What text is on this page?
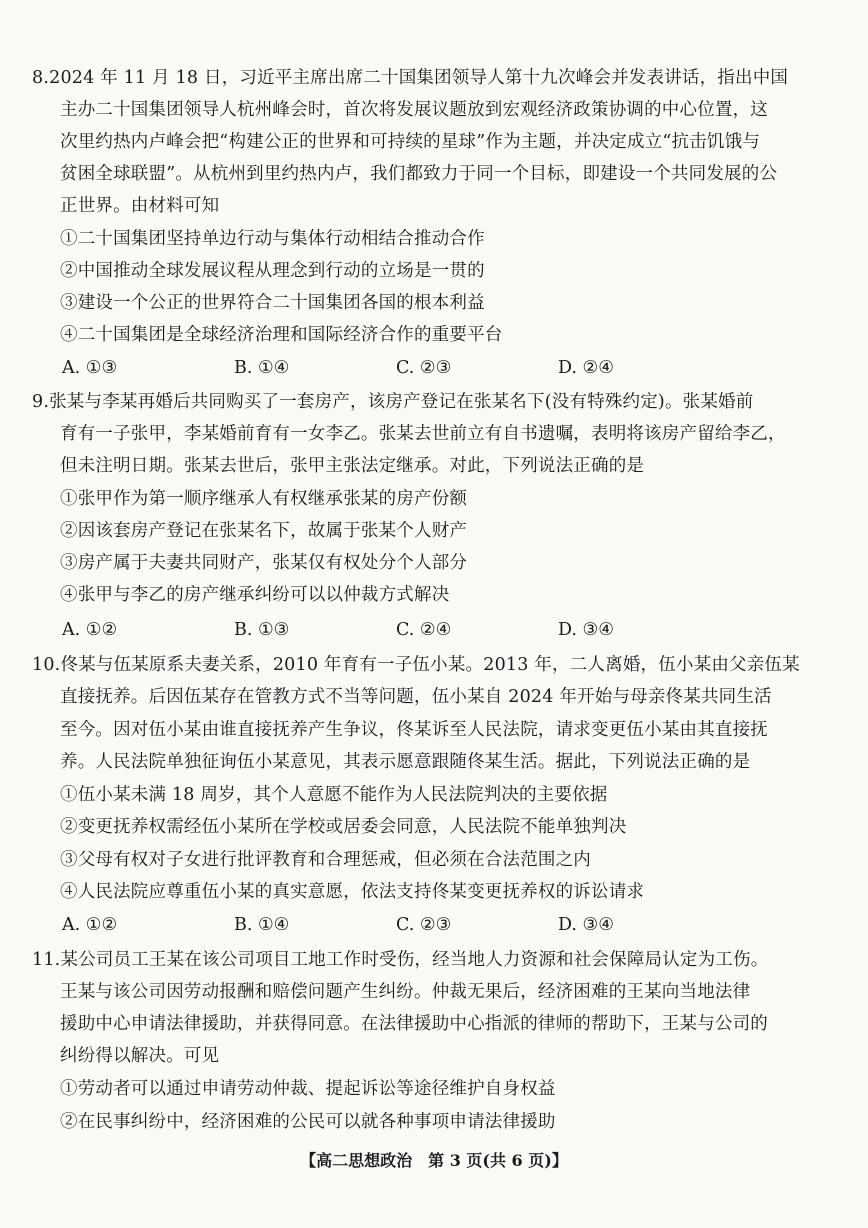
8.2024 年 11 月 18 日，习近平主席出席二十国集团领导人第十九次峰会并发表讲话，指出中国
主办二十国集团领导人杭州峰会时，首次将发展议题放到宏观经济政策协调的中心位置，这
次里约热内卢峰会把“构建公正的世界和可持续的星球”作为主题，并决定成立“抗击饥饿与
贫困全球联盟”。从杭州到里约热内卢，我们都致力于同一个目标，即建设一个共同发展的公
正世界。由材料可知
①二十国集团坚持单边行动与集体行动相结合推动合作
②中国推动全球发展议程从理念到行动的立场是一贯的
③建设一个公正的世界符合二十国集团各国的根本利益
④二十国集团是全球经济治理和国际经济合作的重要平台
A. ①③	B. ①④	C. ②③	D. ②④
9.张某与李某再婚后共同购买了一套房产，该房产登记在张某名下(没有特殊约定)。张某婚前
育有一子张甲，李某婚前育有一女李乙。张某去世前立有自书遗嘱，表明将该房产留给李乙，
但未注明日期。张某去世后，张甲主张法定继承。对此，下列说法正确的是
①张甲作为第一顺序继承人有权继承张某的房产份额
②因该套房产登记在张某名下，故属于张某个人财产
③房产属于夫妻共同财产，张某仅有权处分个人部分
④张甲与李乙的房产继承纠纷可以以仲裁方式解决
A. ①②	B. ①③	C. ②④	D. ③④
10.佟某与伍某原系夫妻关系，2010 年育有一子伍小某。2013 年，二人离婚，伍小某由父亲伍某
直接抚养。后因伍某存在管教方式不当等问题，伍小某自 2024 年开始与母亲佟某共同生活
至今。因对伍小某由谁直接抚养产生争议，佟某诉至人民法院，请求变更伍小某由其直接抚
养。人民法院单独征询伍小某意见，其表示愿意跟随佟某生活。据此，下列说法正确的是
①伍小某未满 18 周岁，其个人意愿不能作为人民法院判决的主要依据
②变更抚养权需经伍小某所在学校或居委会同意，人民法院不能单独判决
③父母有权对子女进行批评教育和合理惩戒，但必须在合法范围之内
④人民法院应尊重伍小某的真实意愿，依法支持佟某变更抚养权的诉讼请求
A. ①②	B. ①④	C. ②③	D. ③④
11.某公司员工王某在该公司项目工地工作时受伤，经当地人力资源和社会保障局认定为工伤。
王某与该公司因劳动报酬和赔偿问题产生纠纷。仲裁无果后，经济困难的王某向当地法律
援助中心申请法律援助，并获得同意。在法律援助中心指派的律师的帮助下，王某与公司的
纠纷得以解决。可见
①劳动者可以通过申请劳动仲裁、提起诉讼等途径维护自身权益
②在民事纠纷中，经济困难的公民可以就各种事项申请法律援助
【高二思想政治　第 3 页(共 6 页)】
